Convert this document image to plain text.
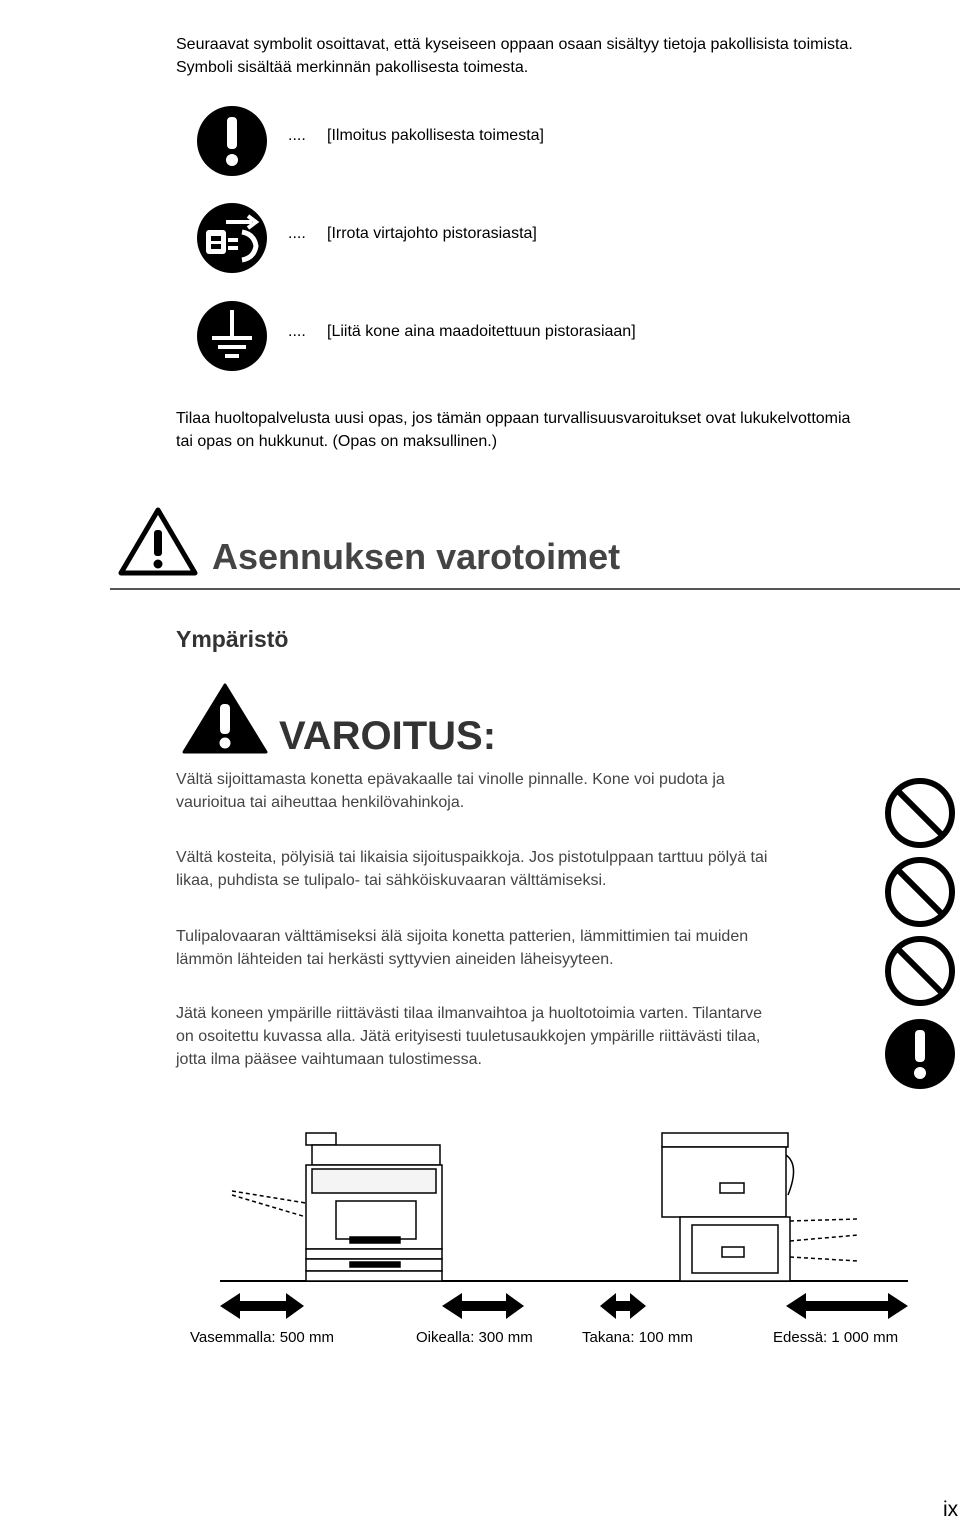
Seuraavat symbolit osoittavat, että kyseiseen oppaan osaan sisältyy tietoja pakollisista toimista.

Symboli sisältää merkinnän pakollisesta toimesta.

.... [Ilmoitus pakollisesta toimesta]
.... [Irrota virtajohto pistorasiasta]
.... [Liitä kone aina maadoitettuun pistorasiaan]

Tilaa huoltopalvelusta uusi opas, jos tämän oppaan turvallisuusvaroitukset ovat lukukelvottomia

tai opas on hukkunut. (Opas on maksullinen.)

Asennuksen varotoimet
Ympäristö
VAROITUS:

Vältä sijoittamasta konetta epävakaalle tai vinolle pinnalle. Kone voi pudota ja

vaurioitua tai aiheuttaa henkilövahinkoja.

Vältä kosteita, pölyisiä tai likaisia sijoituspaikkoja. Jos pistotulppaan tarttuu pölyä tai

likaa, puhdista se tulipalo- tai sähköiskuvaaran välttämiseksi.

Tulipalovaaran välttämiseksi älä sijoita konetta patterien, lämmittimien tai muiden

lämmön lähteiden tai herkästi syttyvien aineiden läheisyyteen.

Jätä koneen ympärille riittävästi tilaa ilmanvaihtoa ja huoltotoimia varten. Tilantarve

on osoitettu kuvassa alla. Jätä erityisesti tuuletusaukkojen ympärille riittävästi tilaa,

jotta ilma pääsee vaihtumaan tulostimessa.

Vasemmalla: 500 mm	Oikealla: 300 mm	Takana: 100 mm	Edessä: 1 000 mm
ix
